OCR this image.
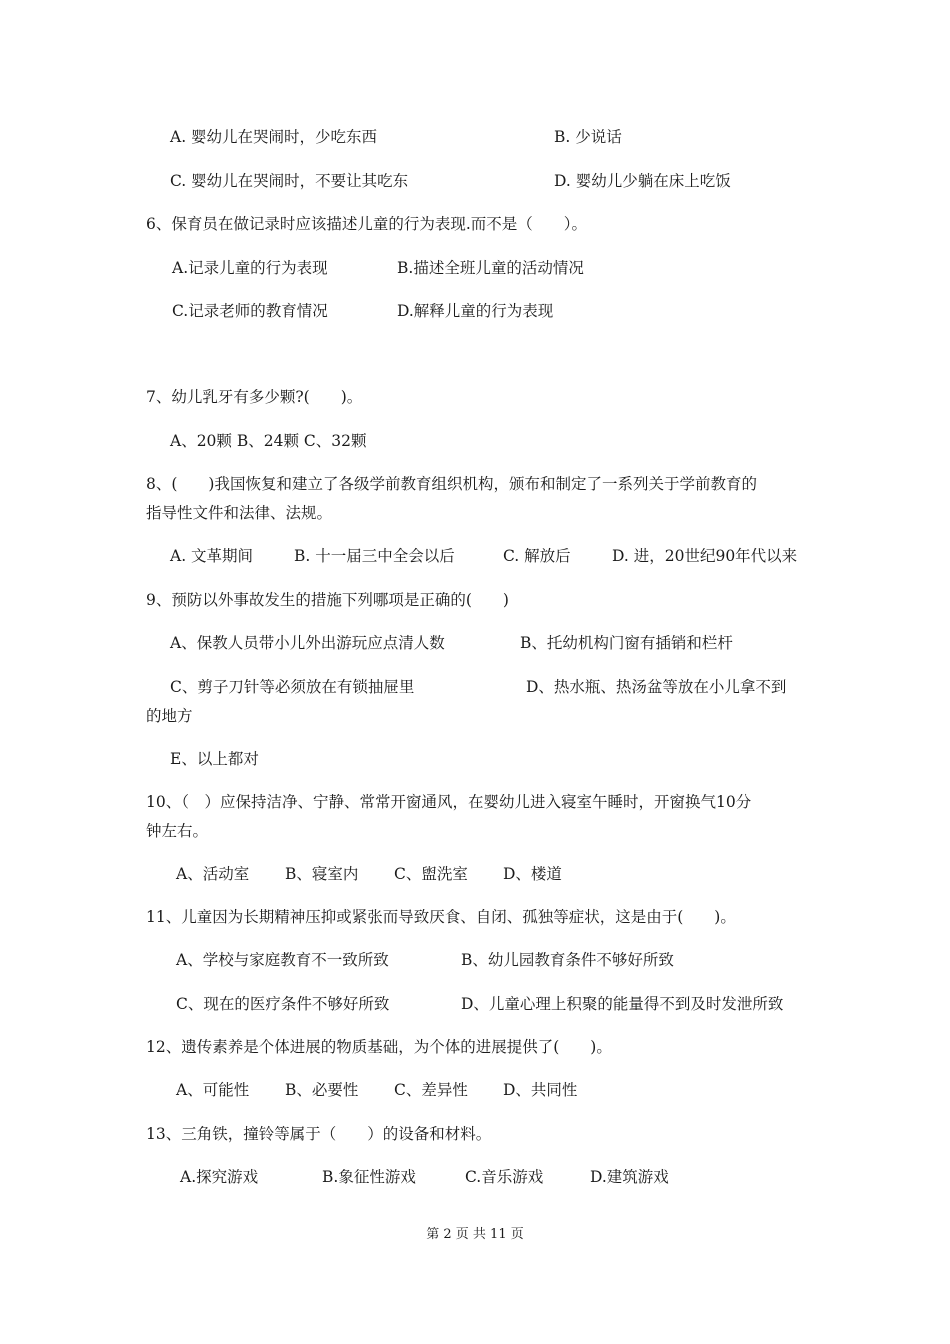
A. 婴幼儿在哭闹时，少吃东西	B. 少说话
C. 婴幼儿在哭闹时，不要让其吃东	D. 婴幼儿少躺在床上吃饭
6、保育员在做记录时应该描述儿童的行为表现.而不是（　　）。
A.记录儿童的行为表现	B.描述全班儿童的活动情况
C.记录老师的教育情况	D.解释儿童的行为表现
7、幼儿乳牙有多少颗?(　　)。
A、20颗 B、24颗 C、32颗
8、(　　)我国恢复和建立了各级学前教育组织机构，颁布和制定了一系列关于学前教育的
指导性文件和法律、法规。
A. 文革期间	B. 十一届三中全会以后	C. 解放后	D. 进，20世纪90年代以来
9、预防以外事故发生的措施下列哪项是正确的(　　)
A、保教人员带小儿外出游玩应点清人数	B、托幼机构门窗有插销和栏杆
C、剪子刀针等必须放在有锁抽屉里	D、热水瓶、热汤盆等放在小儿拿不到
的地方
E、以上都对
10、（　）应保持洁净、宁静、常常开窗通风，在婴幼儿进入寝室午睡时，开窗换气10分
钟左右。
A、活动室 B、寝室内 C、盥洗室 D、楼道
11、儿童因为长期精神压抑或紧张而导致厌食、自闭、孤独等症状，这是由于(　　)。
A、学校与家庭教育不一致所致	B、幼儿园教育条件不够好所致
C、现在的医疗条件不够好所致	D、儿童心理上积聚的能量得不到及时发泄所致
12、遗传素养是个体进展的物质基础，为个体的进展提供了(　　)。
A、可能性 B、必要性 C、差异性 D、共同性
13、三角铁，撞铃等属于（　　）的设备和材料。
A.探究游戏	B.象征性游戏	C.音乐游戏	D.建筑游戏
第 2 页 共 11 页
